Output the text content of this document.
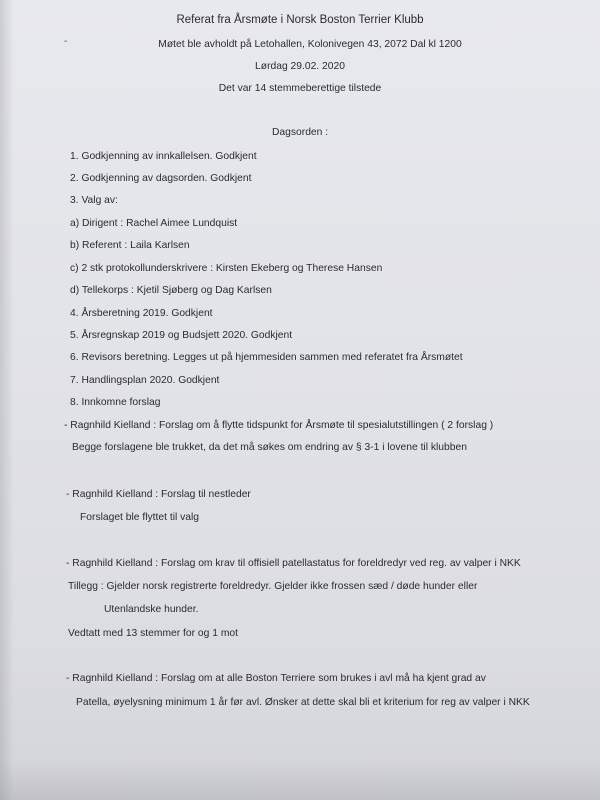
-
Referat fra Årsmøte i Norsk Boston Terrier Klubb
Møtet ble avholdt på Letohallen, Kolonivegen 43, 2072 Dal kl 1200
Lørdag 29.02. 2020
Det var 14 stemmeberettige tilstede
Dagsorden :
1. Godkjenning av innkallelsen. Godkjent
2. Godkjenning av dagsorden. Godkjent
3. Valg av:
a) Dirigent : Rachel Aimee Lundquist
b) Referent : Laila Karlsen
c) 2 stk protokollunderskrivere : Kirsten Ekeberg og Therese Hansen
d) Tellekorps : Kjetil Sjøberg og Dag Karlsen
4. Årsberetning 2019. Godkjent
5. Årsregnskap 2019 og Budsjett 2020. Godkjent
6. Revisors beretning. Legges ut på hjemmesiden sammen med referatet fra Årsmøtet
7. Handlingsplan 2020. Godkjent
8. Innkomne forslag
- Ragnhild Kielland : Forslag om å flytte tidspunkt for Årsmøte til spesialutstillingen ( 2 forslag )
Begge forslagene ble trukket, da det må søkes om endring av § 3-1 i lovene til klubben
- Ragnhild Kielland : Forslag til nestleder
Forslaget ble flyttet til valg
- Ragnhild Kielland : Forslag om krav til offisiell patellastatus for foreldredyr ved reg. av valper i NKK
Tillegg : Gjelder norsk registrerte foreldredyr. Gjelder ikke frossen sæd / døde hunder eller
Utenlandske hunder.
Vedtatt med 13 stemmer for og 1 mot
- Ragnhild Kielland : Forslag om at alle Boston Terriere som brukes i avl må ha kjent grad av
Patella, øyelysning minimum 1 år før avl. Ønsker at dette skal bli et kriterium for reg av valper i NKK
